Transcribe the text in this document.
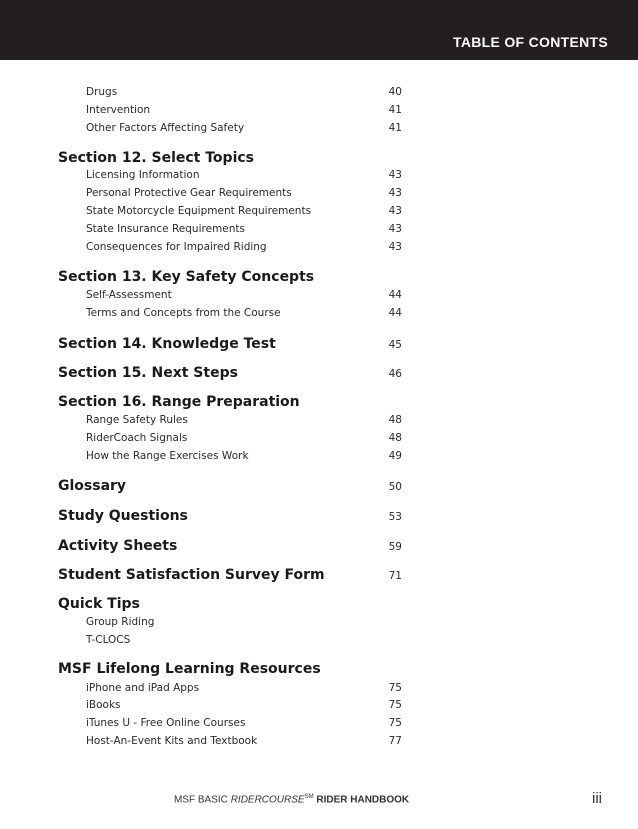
TABLE OF CONTENTS
Drugs	40
Intervention	41
Other Factors Affecting Safety	41
Section 12. Select Topics
Licensing Information	43
Personal Protective Gear Requirements	43
State Motorcycle Equipment Requirements	43
State Insurance Requirements	43
Consequences for Impaired Riding	43
Section 13. Key Safety Concepts
Self-Assessment	44
Terms and Concepts from the Course	44
Section 14. Knowledge Test	45
Section 15. Next Steps	46
Section 16. Range Preparation
Range Safety Rules	48
RiderCoach Signals	48
How the Range Exercises Work	49
Glossary	50
Study Questions	53
Activity Sheets	59
Student Satisfaction Survey Form	71
Quick Tips
Group Riding
T-CLOCS
MSF Lifelong Learning Resources
iPhone and iPad Apps	75
iBooks	75
iTunes U - Free Online Courses	75
Host-An-Event Kits and Textbook	77
MSF BASIC RIDERCOURSE℠ RIDER HANDBOOK	iii
